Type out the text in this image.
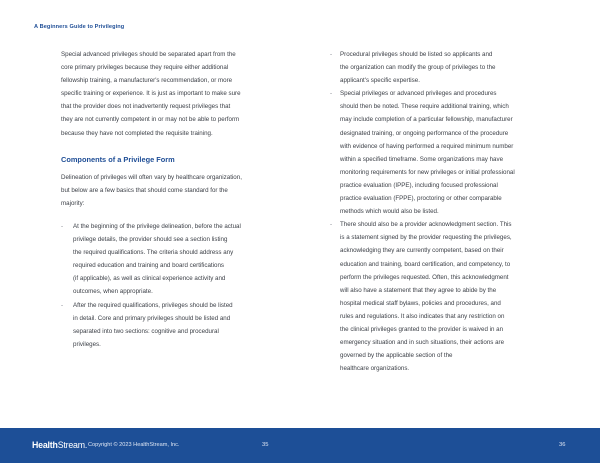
A Beginners Guide to Privileging
Special advanced privileges should be separated apart from the
core primary privileges because they require either additional
fellowship training, a manufacturer's recommendation, or more
specific training or experience. It is just as important to make sure
that the provider does not inadvertently request privileges that
they are not currently competent in or may not be able to perform
because they have not completed the requisite training.
Components of a Privilege Form
Delineation of privileges will often vary by healthcare organization,
but below are a few basics that should come standard for the
majority:
- At the beginning of the privilege delineation, before the actual
privilege details, the provider should see a section listing
the required qualifications. The criteria should address any
required education and training and board certifications
(if applicable), as well as clinical experience activity and
outcomes, when appropriate.
- After the required qualifications, privileges should be listed
in detail. Core and primary privileges should be listed and
separated into two sections: cognitive and procedural
privileges.
- Procedural privileges should be listed so applicants and
the organization can modify the group of privileges to the
applicant's specific expertise.
- Special privileges or advanced privileges and procedures
should then be noted. These require additional training, which
may include completion of a particular fellowship, manufacturer
designated training, or ongoing performance of the procedure
with evidence of having performed a required minimum number
within a specified timeframe. Some organizations may have
monitoring requirements for new privileges or initial professional
practice evaluation (IPPE), including focused professional
practice evaluation (FPPE), proctoring or other comparable
methods which would also be listed.
- There should also be a provider acknowledgment section. This
is a statement signed by the provider requesting the privileges,
acknowledging they are currently competent, based on their
education and training, board certification, and competency, to
perform the privileges requested. Often, this acknowledgment
will also have a statement that they agree to abide by the
hospital medical staff bylaws, policies and procedures, and
rules and regulations. It also indicates that any restriction on
the clinical privileges granted to the provider is waived in an
emergency situation and in such situations, their actions are
governed by the applicable section of the
healthcare organizations.
HealthStream. Copyright © 2023 HealthStream, Inc.	35	36
